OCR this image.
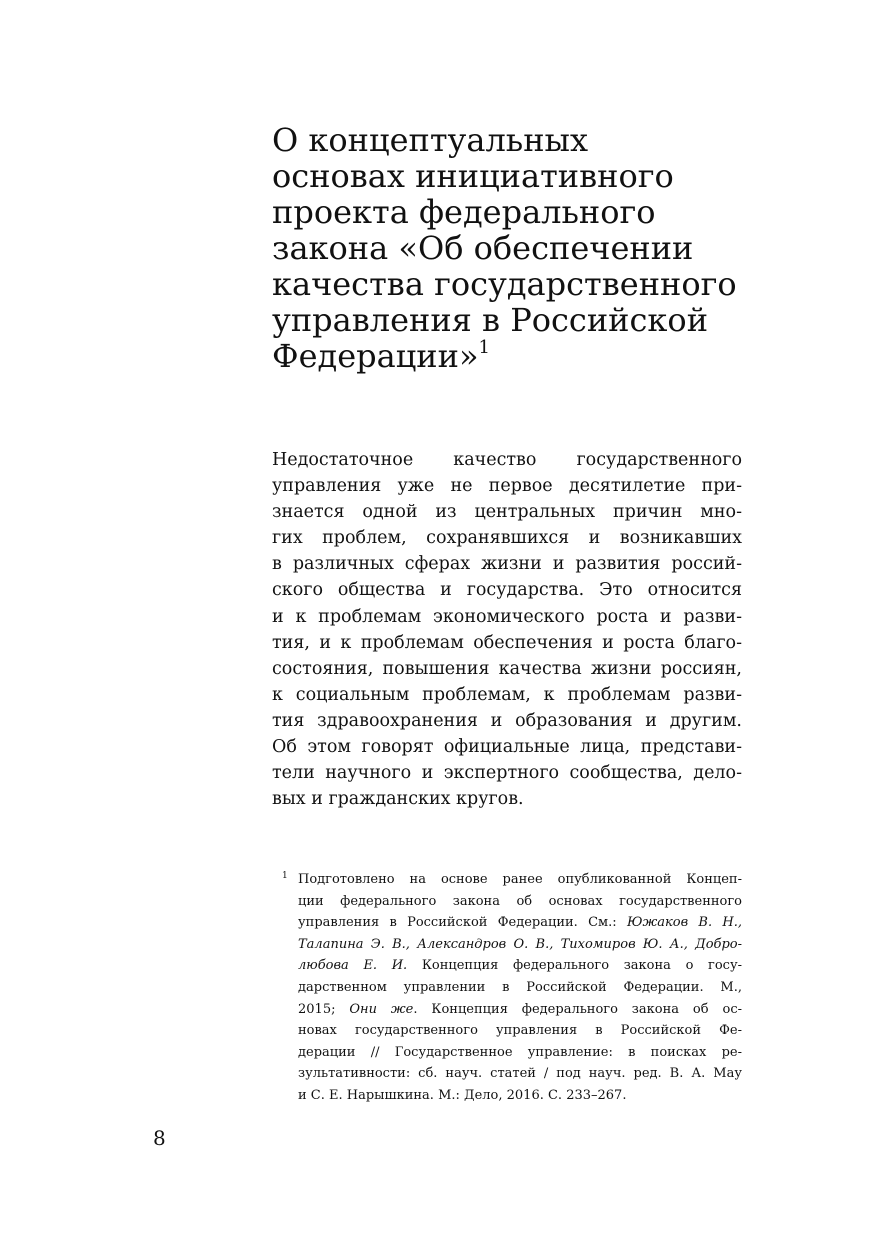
О концептуальных
основах инициативного
проекта федерального
закона «Об обеспечении
качества государственного
управления в Российской
Федерации»$^1$
Недостаточное качество государственного
управления уже не первое десятилетие при-
знается одной из центральных причин мно-
гих проблем, сохранявшихся и возникавших
в различных сферах жизни и развития россий-
ского общества и государства. Это относится
и к проблемам экономического роста и разви-
тия, и к проблемам обеспечения и роста благо-
состояния, повышения качества жизни россиян,
к социальным проблемам, к проблемам разви-
тия здравоохранения и образования и другим.
Об этом говорят официальные лица, представи-
тели научного и экспертного сообщества, дело-
вых и гражданских кругов.
1 Подготовлено на основе ранее опубликованной Концеп-
ции федерального закона об основах государственного
управления в Российской Федерации. См.: Южаков В. Н.,
Талапина Э. В., Александров О. В., Тихомиров Ю. А., Добро-
любова Е. И. Концепция федерального закона о госу-
дарственном управлении в Российской Федерации. М.,
2015; Они же. Концепция федерального закона об ос-
новах государственного управления в Российской Фе-
дерации // Государственное управление: в поисках ре-
зультативности: сб. науч. статей / под науч. ред. В. А. Мау
и С. Е. Нарышкина. М.: Дело, 2016. С. 233–267.
8
